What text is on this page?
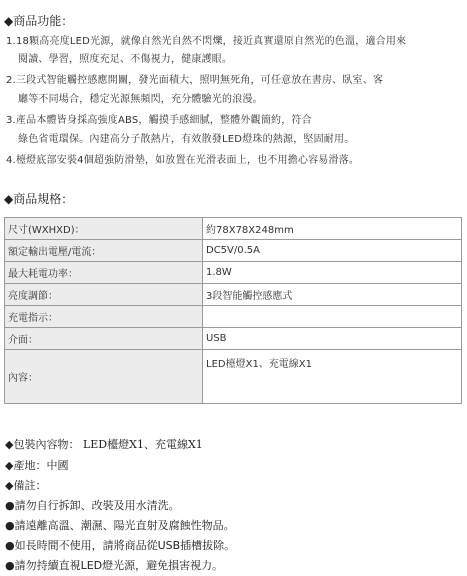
◆商品功能：
1.18顆高亮度LED光源，就像自然光自然不閃爍，接近真實還原自然光的色溫，適合用來
閱讀、學習，照度充足、不傷視力，健康護眼。
2.三段式智能觸控感應開關，發光面積大，照明無死角，可任意放在書房、臥室、客
廳等不同場合，穩定光源無頻閃，充分體驗光的浪漫。
3.產品本體皆身採高強度ABS，觸摸手感細膩，整體外觀簡約，符合
綠色省電環保。內建高分子散熱片，有效散發LED燈珠的熱源，堅固耐用。
4.檯燈底部安裝4個超強防滑墊，如放置在光滑表面上，也不用擔心容易滑落。
◆商品規格：
尺寸(WXHXD)：	約78X78X248mm
額定輸出電壓/電流：	DC5V/0.5A
最大耗電功率：	1.8W
亮度調節：	3段智能觸控感應式
充電指示：	
介面：	USB
內容：	LED檯燈X1、充電線X1
◆包裝內容物： LED檯燈X1、充電線X1
◆產地：中國
◆備註：
●請勿自行拆卸、改裝及用水清洗。
●請遠離高溫、潮濕、陽光直射及腐蝕性物品。
●如長時間不使用，請將商品從USB插槽拔除。
●請勿持續直視LED燈光源，避免損害視力。
